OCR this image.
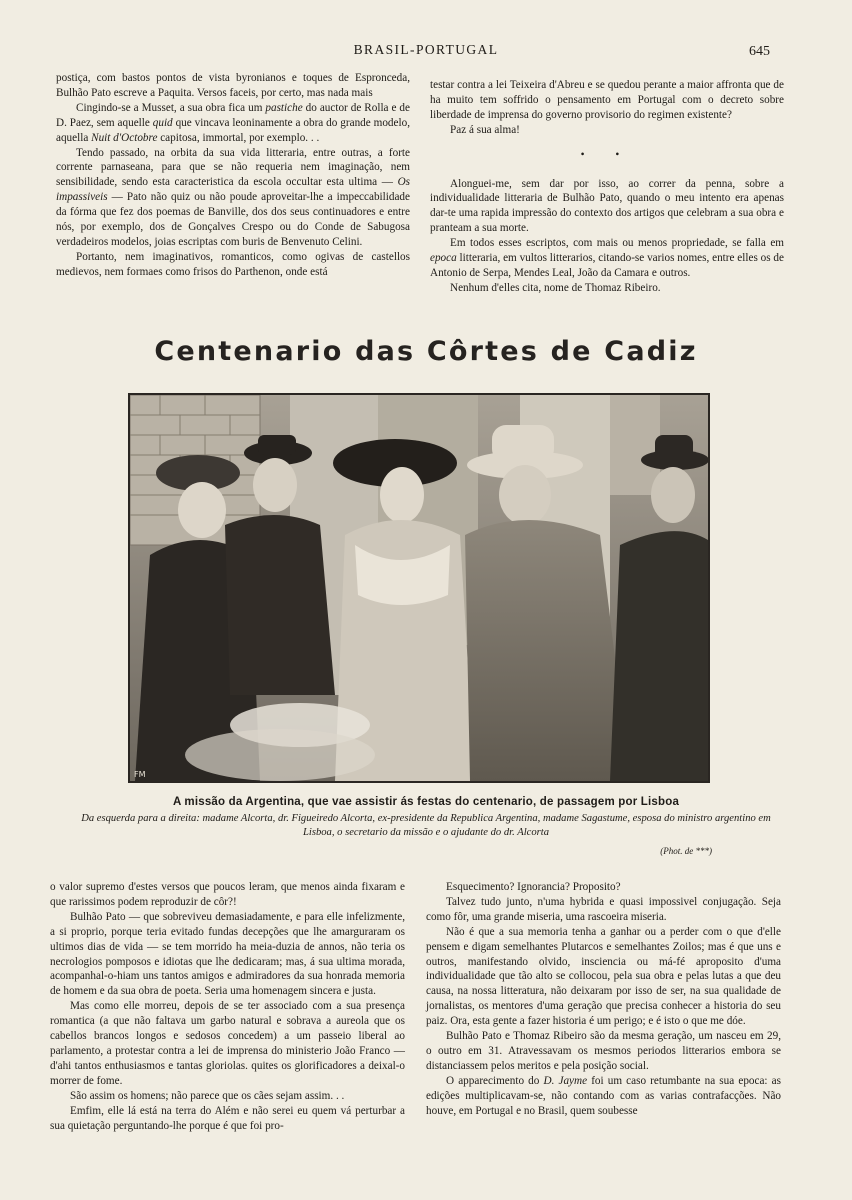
BRASIL-PORTUGAL	645

postiça, com bastos pontos de vista byronianos e toques de Espronceda, Bulhão Pato escreve a Paquita. Versos faceis, por certo, mas nada mais

Cingindo-se a Musset, a sua obra fica um pastiche do auctor de Rolla e de D. Paez, sem aquelle quid que vincava leoninamente a obra do grande modelo, aquella Nuit d'Octobre capitosa, immortal, por exemplo. . .

Tendo passado, na orbita da sua vida litteraria, entre outras, a forte corrente parnaseana, para que se não requeria nem imaginação, nem sensibilidade, sendo esta caracteristica da escola occultar esta ultima — Os impassiveis — Pato não quiz ou não poude aproveitar-lhe a impeccabilidade da fórma que fez dos poemas de Banville, dos dos seus continuadores e entre nós, por exemplo, dos de Gonçalves Crespo ou do Conde de Sabugosa verdadeiros modelos, joias escriptas com buris de Benvenuto Celini.

Portanto, nem imaginativos, romanticos, como ogivas de castellos medievos, nem formaes como frisos do Parthenon, onde está

testar contra a lei Teixeira d'Abreu e se quedou perante a maior affronta que de ha muito tem soffrido o pensamento em Portugal com o decreto sobre liberdade de imprensa do governo provisorio do regimen existente?

Paz á sua alma!

• •

Alonguei-me, sem dar por isso, ao correr da penna, sobre a individualidade litteraria de Bulhão Pato, quando o meu intento era apenas dar-te uma rapida impressão do contexto dos artigos que celebram a sua obra e pranteam a sua morte.

Em todos esses escriptos, com mais ou menos propriedade, se falla em epoca litteraria, em vultos litterarios, citando-se varios nomes, entre elles os de Antonio de Serpa, Mendes Leal, João da Camara e outros.

Nenhum d'elles cita, nome de Thomaz Ribeiro.

Centenario das Côrtes de Cadiz
FM
A missão da Argentina, que vae assistir ás festas do centenario, de passagem por Lisboa
Da esquerda para a direita: madame Alcorta, dr. Figueiredo Alcorta, ex-presidente da Republica Argentina, madame Sagastume, esposa do ministro argentino em Lisboa, o secretario da missão e o ajudante do dr. Alcorta
(Phot. de ***)

o valor supremo d'estes versos que poucos leram, que menos ainda fixaram e que rarissimos podem reproduzir de côr?!

Bulhão Pato — que sobreviveu demasiadamente, e para elle infelizmente, a si proprio, porque teria evitado fundas decepções que lhe amarguraram os ultimos dias de vida — se tem morrido ha meia-duzia de annos, não teria os necrologios pomposos e idiotas que lhe dedicaram; mas, á sua ultima morada, acompanhal-o-hiam uns tantos amigos e admiradores da sua honrada memoria de homem e da sua obra de poeta. Seria uma homenagem sincera e justa.

Mas como elle morreu, depois de se ter associado com a sua presença romantica (a que não faltava um garbo natural e sobrava a aureola que os cabellos brancos longos e sedosos concedem) a um passeio liberal ao parlamento, a protestar contra a lei de imprensa do ministerio João Franco — d'ahi tantos enthusiasmos e tantas gloriolas. quites os glorificadores a deixal-o morrer de fome.

São assim os homens; não parece que os cães sejam assim. . .

Emfim, elle lá está na terra do Além e não serei eu quem vá perturbar a sua quietação perguntando-lhe porque é que foi pro-

Esquecimento? Ignorancia? Proposito?

Talvez tudo junto, n'uma hybrida e quasi impossivel conjugação. Seja como fôr, uma grande miseria, uma rascoeira miseria.

Não é que a sua memoria tenha a ganhar ou a perder com o que d'elle pensem e digam semelhantes Plutarcos e semelhantes Zoilos; mas é que uns e outros, manifestando olvido, insciencia ou má-fé aproposito d'uma individualidade que tão alto se collocou, pela sua obra e pelas lutas a que deu causa, na nossa litteratura, não deixaram por isso de ser, na sua qualidade de jornalistas, os mentores d'uma geração que precisa conhecer a historia do seu paiz. Ora, esta gente a fazer historia é um perigo; e é isto o que me dóe.

Bulhão Pato e Thomaz Ribeiro são da mesma geração, um nasceu em 29, o outro em 31. Atravessavam os mesmos periodos litterarios embora se distanciassem pelos meritos e pela posição social.

O apparecimento do D. Jayme foi um caso retumbante na sua epoca: as edições multiplicavam-se, não contando com as varias contrafacções. Não houve, em Portugal e no Brasil, quem soubesse
